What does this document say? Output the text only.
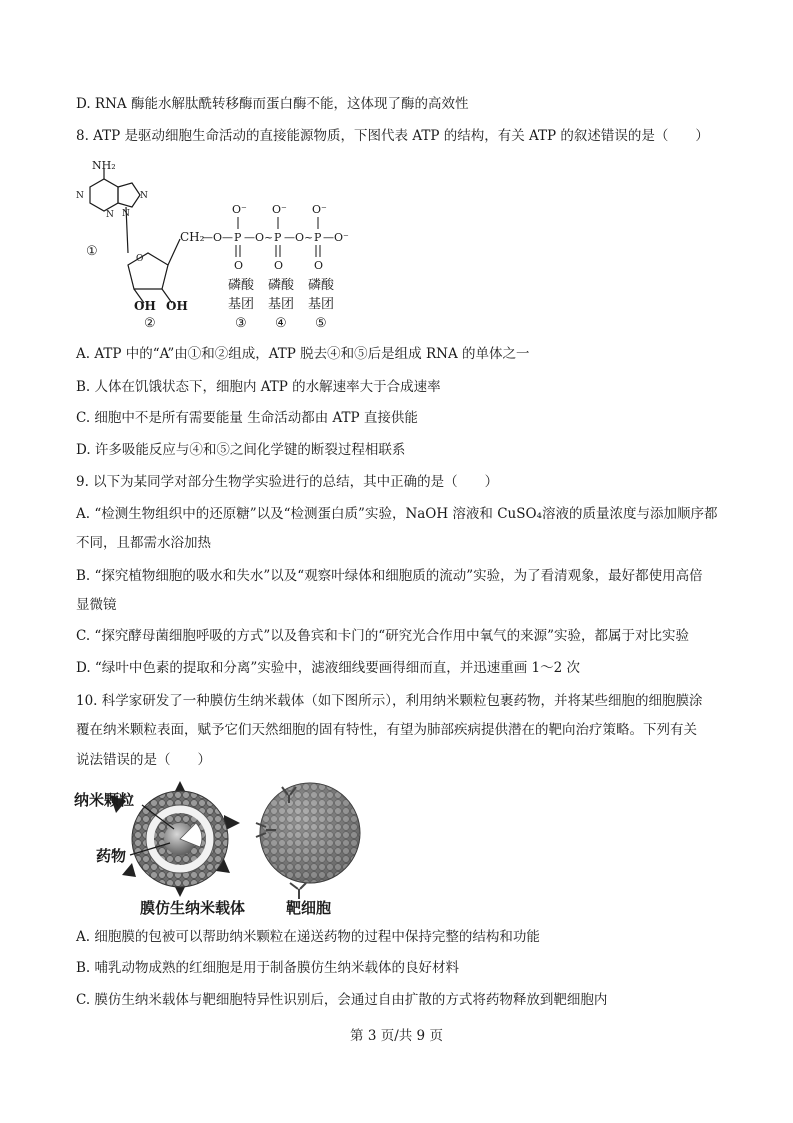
D. RNA 酶能水解肽酰转移酶而蛋白酶不能，这体现了酶的高效性
8. ATP 是驱动细胞生命活动的直接能源物质，下图代表 ATP 的结构，有关 ATP 的叙述错误的是（　　）
NH₂
N
N
N
N
①	O
CH₂
OH OH
②
—O— P —O~ P —O~ P —O⁻
O⁻ O⁻ O⁻
O	O	O
磷酸 磷酸 磷酸
基团 基团 基团
③ ④ ⑤
A. ATP 中的“A”由①和②组成，ATP 脱去④和⑤后是组成 RNA 的单体之一
B. 人体在饥饿状态下，细胞内 ATP 的水解速率大于合成速率
C. 细胞中不是所有需要能量 生命活动都由 ATP 直接供能
D. 许多吸能反应与④和⑤之间化学键的断裂过程相联系
9. 以下为某同学对部分生物学实验进行的总结，其中正确的是（　　）
A. “检测生物组织中的还原糖”以及“检测蛋白质”实验，NaOH 溶液和 CuSO₄溶液的质量浓度与添加顺序都
不同，且都需水浴加热
B. “探究植物细胞的吸水和失水”以及“观察叶绿体和细胞质的流动”实验，为了看清观象，最好都使用高倍
显微镜
C. “探究酵母菌细胞呼吸的方式”以及鲁宾和卡门的“研究光合作用中氧气的来源”实验，都属于对比实验
D. “绿叶中色素的提取和分离”实验中，滤液细线要画得细而直，并迅速重画 1～2 次
10. 科学家研发了一种膜仿生纳米载体（如下图所示），利用纳米颗粒包裹药物，并将某些细胞的细胞膜涂
覆在纳米颗粒表面，赋予它们天然细胞的固有特性，有望为肺部疾病提供潜在的靶向治疗策略。下列有关
说法错误的是（　　）
纳米颗粒
药物
膜仿生纳米载体	靶细胞
A. 细胞膜的包被可以帮助纳米颗粒在递送药物的过程中保持完整的结构和功能
B. 哺乳动物成熟的红细胞是用于制备膜仿生纳米载体的良好材料
C. 膜仿生纳米载体与靶细胞特异性识别后，会通过自由扩散的方式将药物释放到靶细胞内
第 3 页/共 9 页
